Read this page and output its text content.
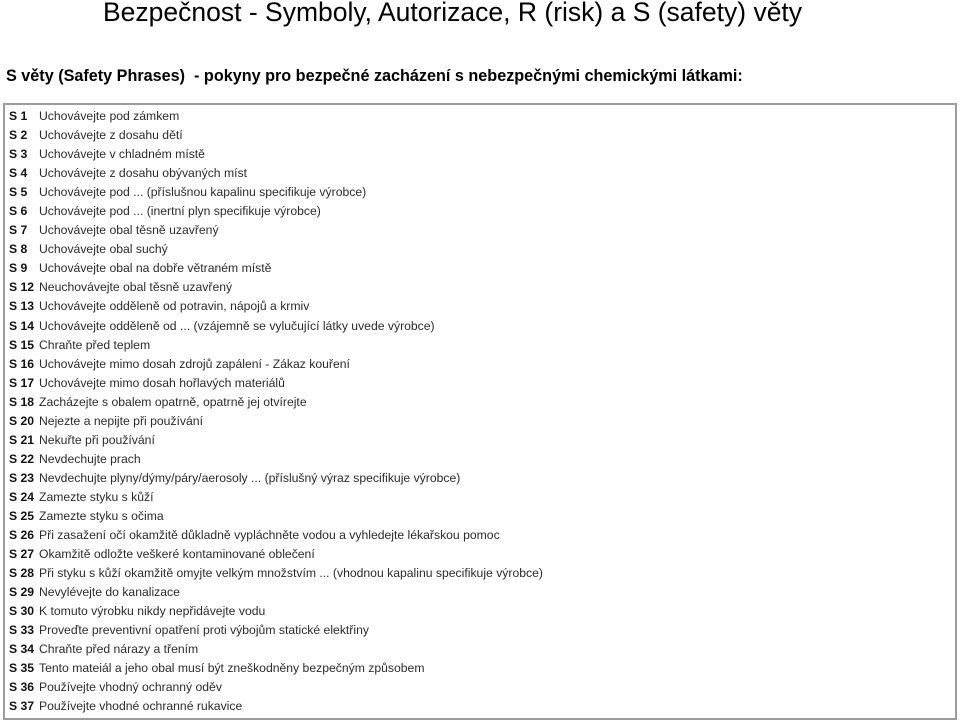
Bezpečnost - Symboly, Autorizace, R (risk) a S (safety) věty

S věty (Safety Phrases)  - pokyny pro bezpečné zacházení s nebezpečnými chemickými látkami:

S 1 Uchovávejte pod zámkem
S 2 Uchovávejte z dosahu dětí
S 3 Uchovávejte v chladném místě
S 4 Uchovávejte z dosahu obývaných míst
S 5 Uchovávejte pod ... (příslušnou kapalinu specifikuje výrobce)
S 6 Uchovávejte pod ... (inertní plyn specifikuje výrobce)
S 7 Uchovávejte obal těsně uzavřený
S 8 Uchovávejte obal suchý
S 9 Uchovávejte obal na dobře větraném místě
S 12 Neuchovávejte obal těsně uzavřený
S 13 Uchovávejte odděleně od potravin, nápojů a krmiv
S 14 Uchovávejte odděleně od ... (vzájemně se vylučující látky uvede výrobce)
S 15 Chraňte před teplem
S 16 Uchovávejte mimo dosah zdrojů zapálení - Zákaz kouření
S 17 Uchovávejte mimo dosah hořlavých materiálů
S 18 Zacházejte s obalem opatrně, opatrně jej otvírejte
S 20 Nejezte a nepijte při používání
S 21 Nekuřte při používání
S 22 Nevdechujte prach
S 23 Nevdechujte plyny/dýmy/páry/aerosoly ... (příslušný výraz specifikuje výrobce)
S 24 Zamezte styku s kůží
S 25 Zamezte styku s očima
S 26 Při zasažení očí okamžitě důkladně vypláchněte vodou a vyhledejte lékařskou pomoc
S 27 Okamžitě odložte veškeré kontaminované oblečení
S 28 Při styku s kůží okamžitě omyjte velkým množstvím ... (vhodnou kapalinu specifikuje výrobce)
S 29 Nevylévejte do kanalizace
S 30 K tomuto výrobku nikdy nepřidávejte vodu
S 33 Proveďte preventivní opatření proti výbojům statické elektřiny
S 34 Chraňte před nárazy a třením
S 35 Tento mateiál a jeho obal musí být zneškodněny bezpečným způsobem
S 36 Používejte vhodný ochranný oděv
S 37 Používejte vhodné ochranné rukavice
